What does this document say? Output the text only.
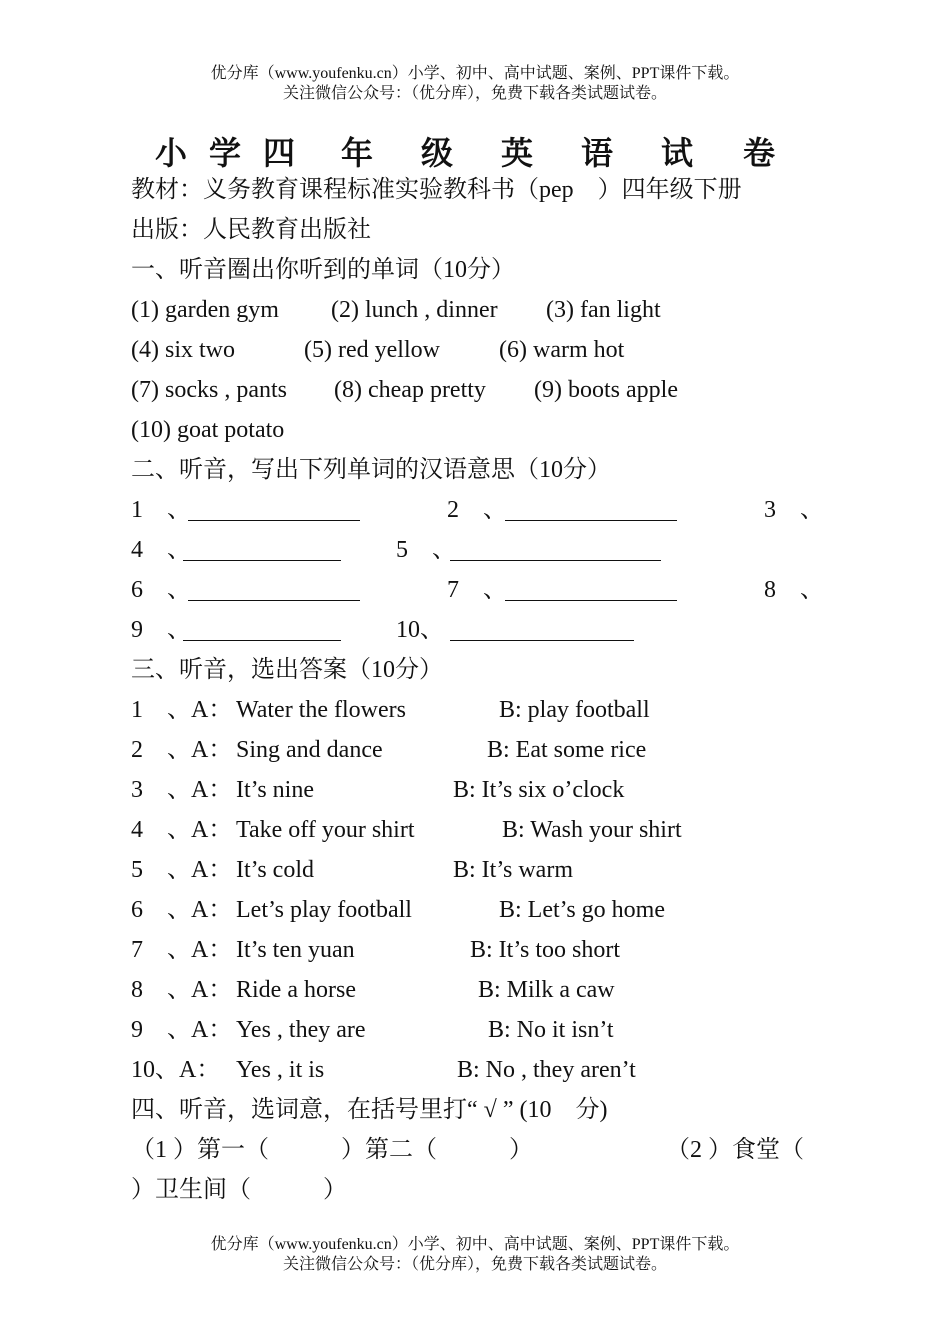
优分库（www.youfenku.cn）小学、初中、高中试题、案例、PPT课件下载。
关注微信公众号：（优分库），免费下载各类试题试卷。
小 学 四 年 级 英 语 试 卷
教材：义务教育课程标准实验教科书（pep　）四年级下册
出版：人民教育出版社
一、听音圈出你听到的单词（10分）
(1) garden gym (2) lunch , dinner (3) fan light
(4) six two	(5) red yellow (6) warm hot
(7) socks , pants (8) cheap pretty (9) boots apple
(10) goat potato
二、听音，写出下列单词的汉语意思（10分）
1　、	2　、	3　、
4　、	5　、
6　、	7　、	8　、
9　、	10、
三、听音，选出答案（10分）
1　、A： Water the flowers	B: play football
2　、A： Sing and dance	B: Eat some rice
3　、A： It’s nine	B: It’s six o’clock
4　、A： Take off your shirt	B: Wash your shirt
5　、A： It’s cold	B: It’s warm
6　、A： Let’s play football	B: Let’s go home
7　、A： It’s ten yuan	B: It’s too short
8　、A： Ride a horse	B: Milk a caw
9　、A： Yes , they are	B: No it isn’t
10、A： Yes , it is	B: No , they aren’t
四、听音，选词意，在括号里打“ √ ” (10　分)
（1 ）第一（　　　）第二（　　　）	（2 ）食堂（
）卫生间（　　　）
优分库（www.youfenku.cn）小学、初中、高中试题、案例、PPT课件下载。
关注微信公众号：（优分库），免费下载各类试题试卷。
